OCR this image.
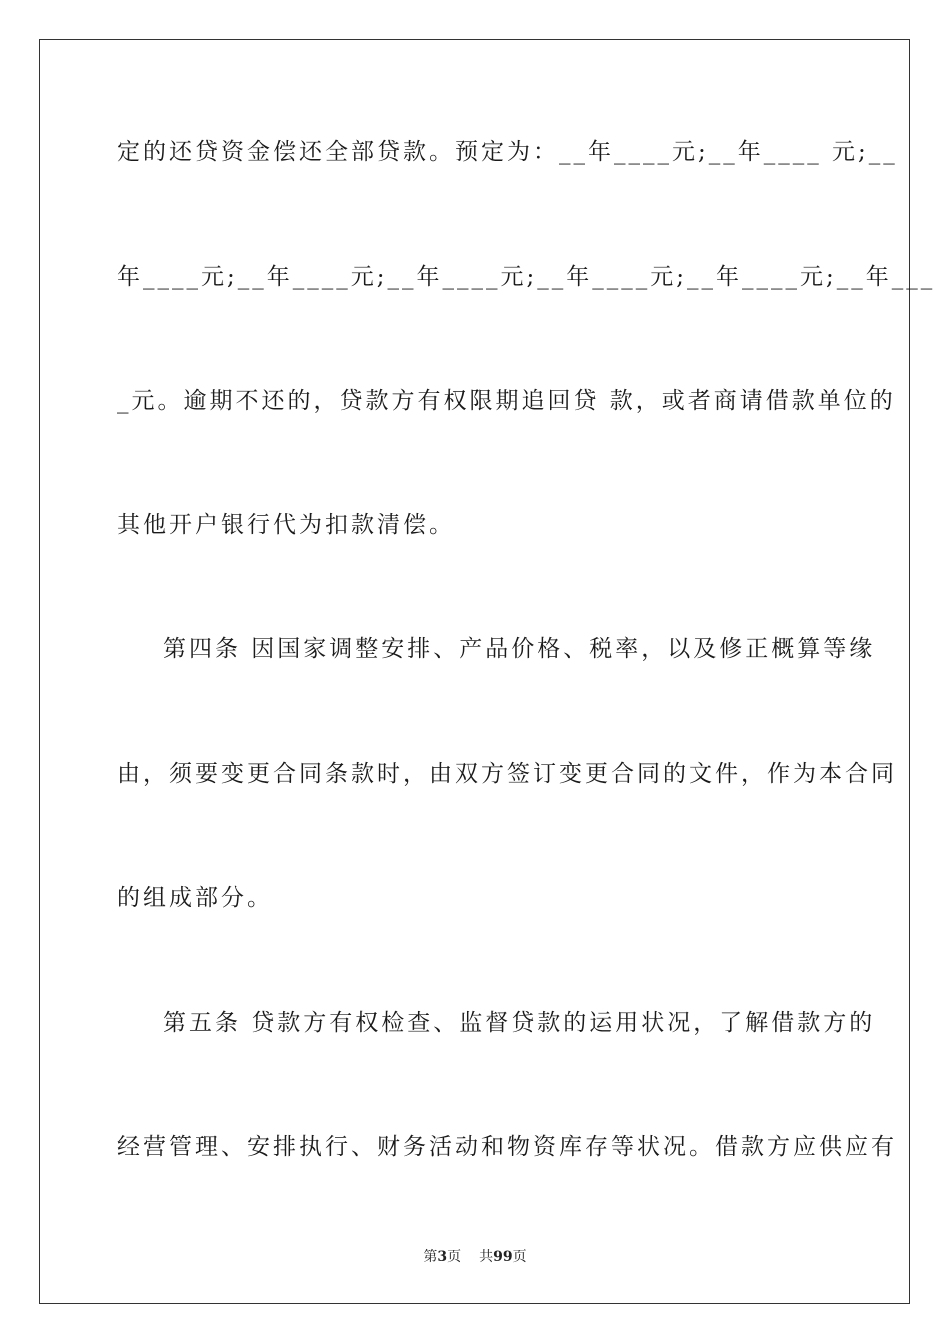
定的还贷资金偿还全部贷款。预定为：__年____元;__年____ 元;__
年____元;__年____元;__年____元;__年____元;__年____元;__年___
_元。逾期不还的，贷款方有权限期追回贷 款，或者商请借款单位的
其他开户银行代为扣款清偿。
第四条 因国家调整安排、产品价格、税率，以及修正概算等缘
由，须要变更合同条款时，由双方签订变更合同的文件，作为本合同
的组成部分。
第五条 贷款方有权检查、监督贷款的运用状况，了解借款方的
经营管理、安排执行、财务活动和物资库存等状况。借款方应供应有
第3页 共99页
